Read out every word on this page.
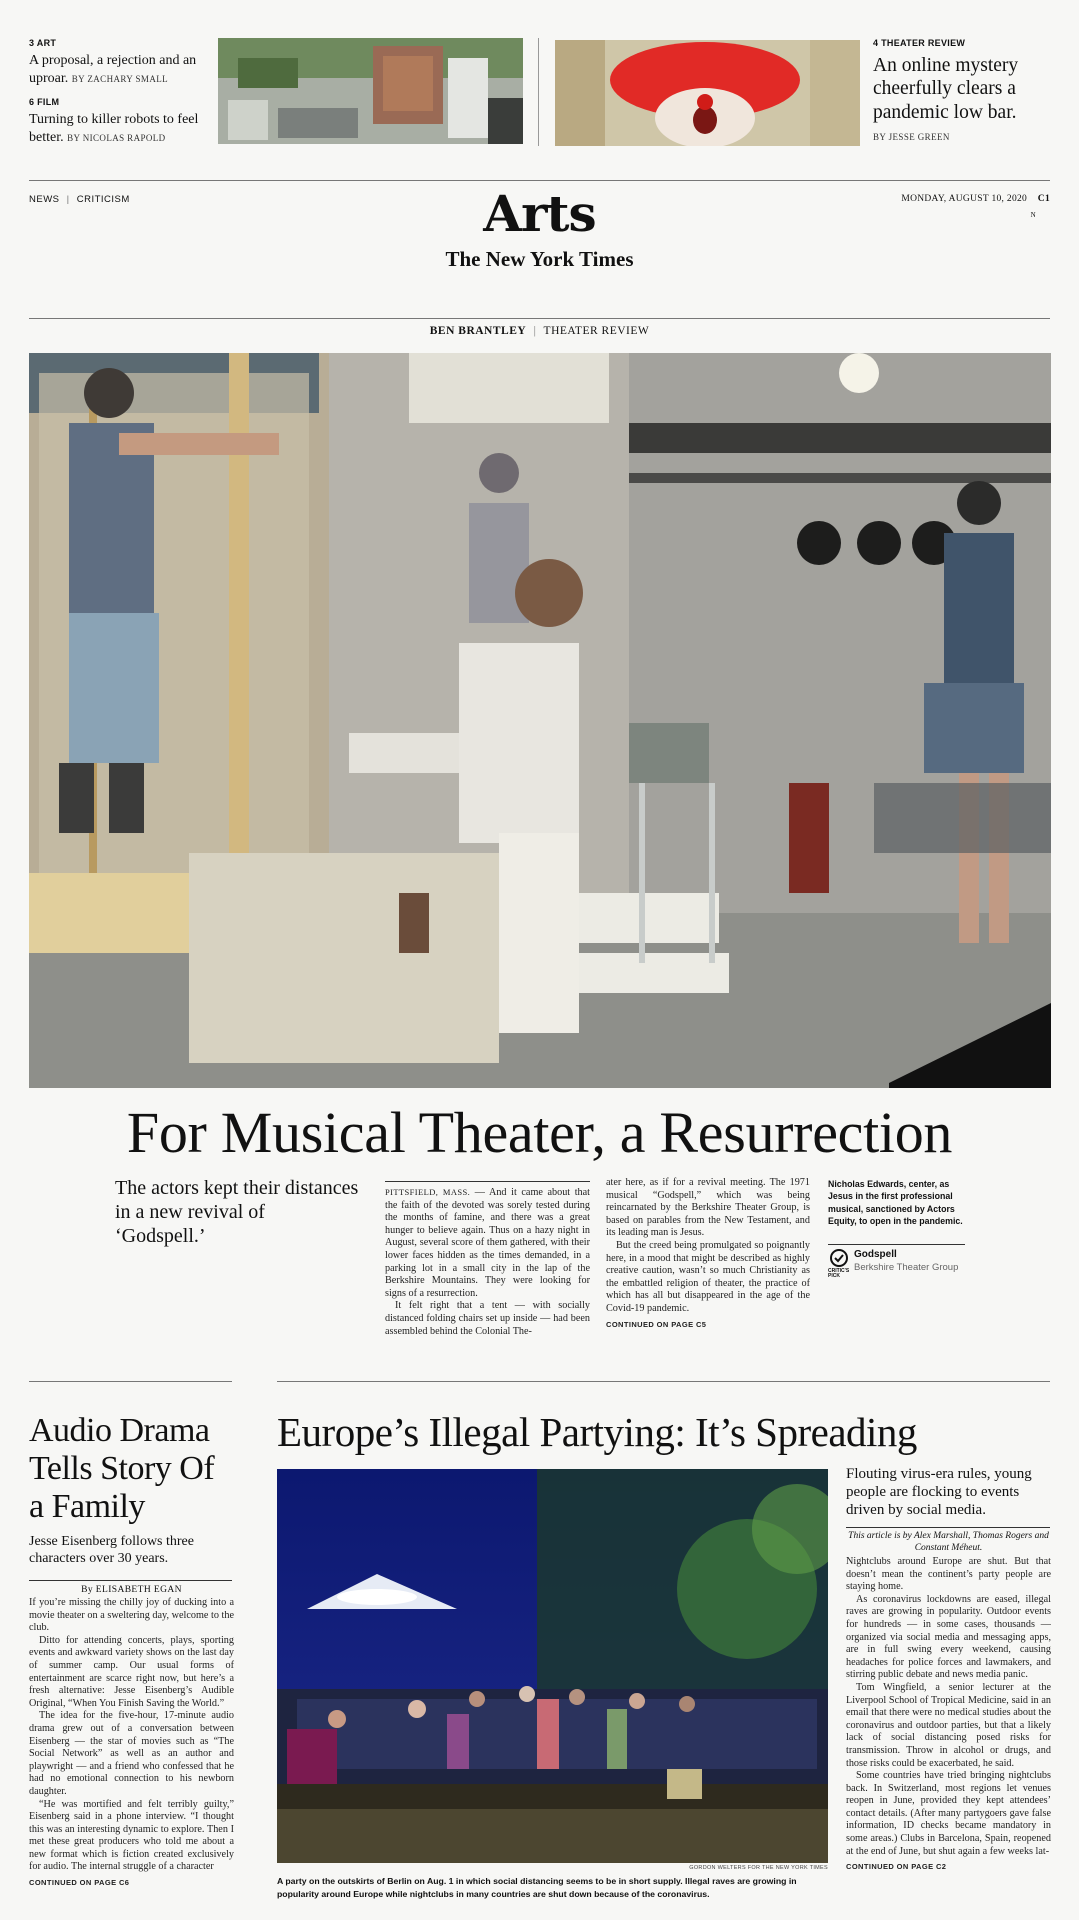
3 ART
A proposal, a rejection and an uproar. BY ZACHARY SMALL
6 FILM
Turning to killer robots to feel better. BY NICOLAS RAPOLD
4 THEATER REVIEW
An online mystery cheerfully clears a pandemic low bar.
BY JESSE GREEN
NEWS | CRITICISM	Arts
The New York Times
MONDAY, AUGUST 10, 2020 C1
N
BEN BRANTLEY | THEATER REVIEW
For Musical Theater, a Resurrection
The actors kept their distances in a new revival of ‘Godspell.’

PITTSFIELD, MASS. — And it came about that the faith of the devoted was sorely tested during the months of famine, and there was a great hunger to believe again. Thus on a hazy night in August, several score of them gathered, with their lower faces hidden as the times demanded, in a parking lot in a small city in the lap of the Berkshire Mountains. They were looking for signs of a resurrection.

It felt right that a tent — with socially distanced folding chairs set up inside — had been assembled behind the Colonial The-

ater here, as if for a revival meeting. The 1971 musical “Godspell,” which was being reincarnated by the Berkshire Theater Group, is based on parables from the New Testament, and its leading man is Jesus.

But the creed being promulgated so poignantly here, in a mood that might be described as highly creative caution, wasn’t so much Christianity as the embattled religion of theater, the practice of which has all but disappeared in the age of the Covid-19 pandemic.

CONTINUED ON PAGE C5
Nicholas Edwards, center, as Jesus in the first professional musical, sanctioned by Actors Equity, to open in the pandemic.
CRITIC'S PICK
Godspell
Berkshire Theater Group
Audio Drama Tells Story Of a Family
Jesse Eisenberg follows three characters over 30 years.
By ELISABETH EGAN

If you’re missing the chilly joy of ducking into a movie theater on a sweltering day, welcome to the club.

Ditto for attending concerts, plays, sporting events and awkward variety shows on the last day of summer camp. Our usual forms of entertainment are scarce right now, but here’s a fresh alternative: Jesse Eisenberg’s Audible Original, “When You Finish Saving the World.”

The idea for the five-hour, 17-minute audio drama grew out of a conversation between Eisenberg — the star of movies such as “The Social Network” as well as an author and playwright — and a friend who confessed that he had no emotional connection to his newborn daughter.

“He was mortified and felt terribly guilty,” Eisenberg said in a phone interview. “I thought this was an interesting dynamic to explore. Then I met these great producers who told me about a new format which is fiction created exclusively for audio. The internal struggle of a character

CONTINUED ON PAGE C6
Europe’s Illegal Partying: It’s Spreading
GORDON WELTERS FOR THE NEW YORK TIMES
A party on the outskirts of Berlin on Aug. 1 in which social distancing seems to be in short supply. Illegal raves are growing in popularity around Europe while nightclubs in many countries are shut down because of the coronavirus.
Flouting virus-era rules, young people are flocking to events driven by social media.
This article is by Alex Marshall, Thomas Rogers and Constant Méheut.

Nightclubs around Europe are shut. But that doesn’t mean the continent’s party people are staying home.

As coronavirus lockdowns are eased, illegal raves are growing in popularity. Outdoor events for hundreds — in some cases, thousands — organized via social media and messaging apps, are in full swing every weekend, causing headaches for police forces and lawmakers, and stirring public debate and news media panic.

Tom Wingfield, a senior lecturer at the Liverpool School of Tropical Medicine, said in an email that there were no medical studies about the coronavirus and outdoor parties, but that a likely lack of social distancing posed risks for transmission. Throw in alcohol or drugs, and those risks could be exacerbated, he said.

Some countries have tried bringing nightclubs back. In Switzerland, most regions let venues reopen in June, provided they kept attendees’ contact details. (After many partygoers gave false information, ID checks became mandatory in some areas.) Clubs in Barcelona, Spain, reopened at the end of June, but shut again a few weeks lat-

CONTINUED ON PAGE C2
